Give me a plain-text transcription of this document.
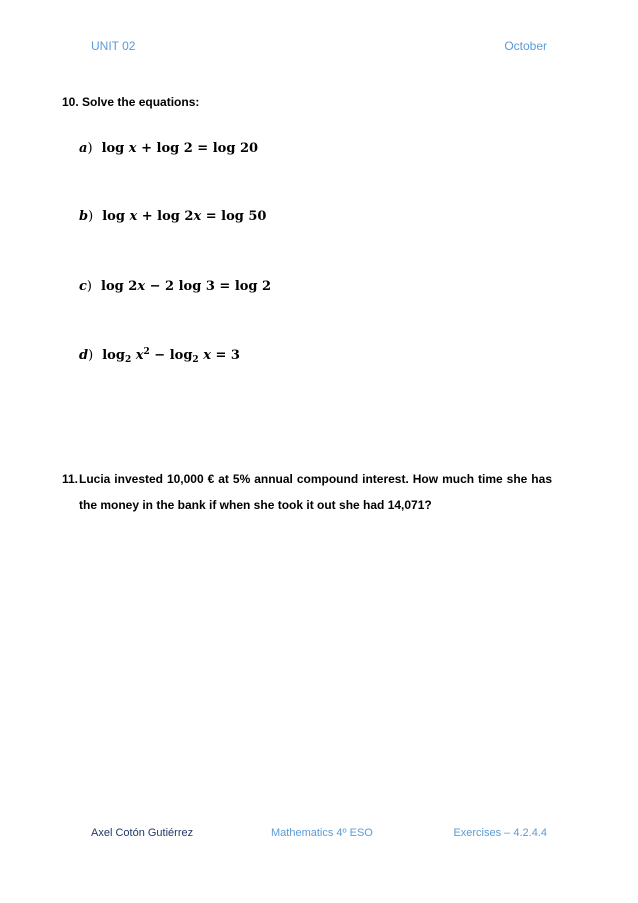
UNIT 02	October
10. Solve the equations:
a)  log x + log 2 = log 20
b)  log x + log 2x = log 50
c)  log 2x − 2 log 3 = log 2
d)  $\log_2 x^2 - \log_2 x = 3$
11. Lucia invested 10,000 € at 5% annual compound interest. How much time she has the money in the bank if when she took it out she had 14,071?
Axel Cotón Gutiérrez	Mathematics 4º ESO	Exercises – 4.2.4.4
